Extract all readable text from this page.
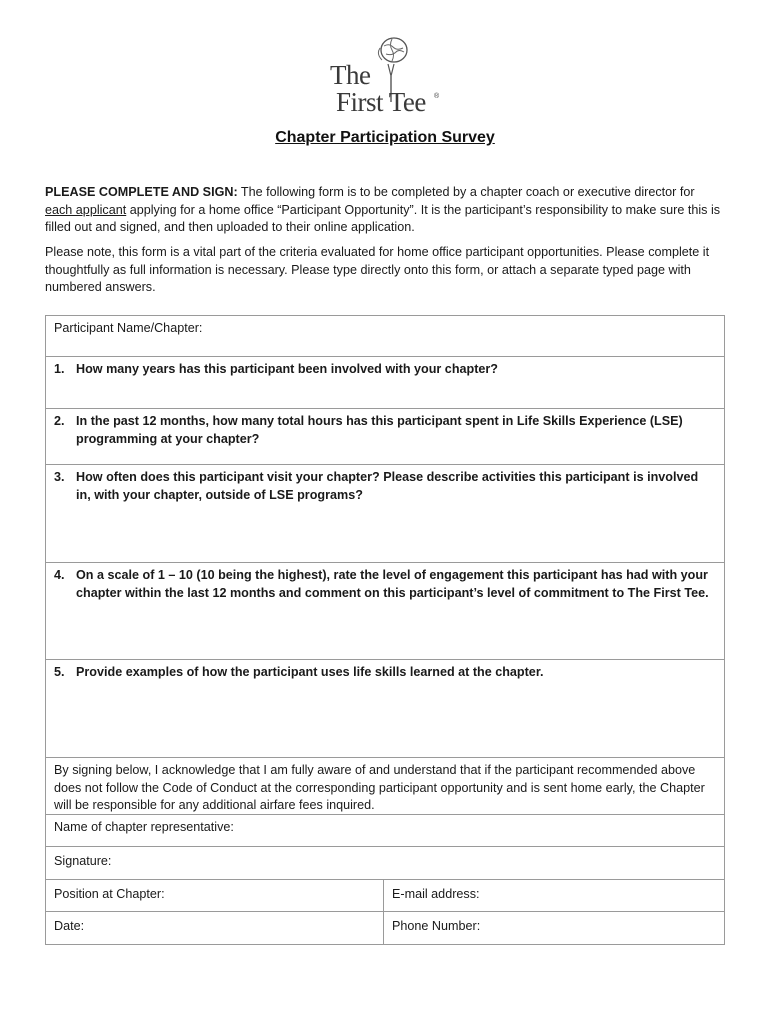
The
First Tee ®
Chapter Participation Survey
PLEASE COMPLETE AND SIGN: The following form is to be completed by a chapter coach or executive director for each applicant applying for a home office “Participant Opportunity”. It is the participant’s responsibility to make sure this is filled out and signed, and then uploaded to their online application.
Please note, this form is a vital part of the criteria evaluated for home office participant opportunities. Please complete it thoughtfully as full information is necessary. Please type directly onto this form, or attach a separate typed page with numbered answers.
Participant Name/Chapter:
1. How many years has this participant been involved with your chapter?
2. In the past 12 months, how many total hours has this participant spent in Life Skills Experience (LSE) programming at your chapter?
3. How often does this participant visit your chapter? Please describe activities this participant is involved in, with your chapter, outside of LSE programs?
4. On a scale of 1 – 10 (10 being the highest), rate the level of engagement this participant has had with your chapter within the last 12 months and comment on this participant’s level of commitment to The First Tee.
5. Provide examples of how the participant uses life skills learned at the chapter.
By signing below, I acknowledge that I am fully aware of and understand that if the participant recommended above does not follow the Code of Conduct at the corresponding participant opportunity and is sent home early, the Chapter will be responsible for any additional airfare fees inquired.
Name of chapter representative:
Signature:
Position at Chapter:	E-mail address:
Date:	Phone Number:
